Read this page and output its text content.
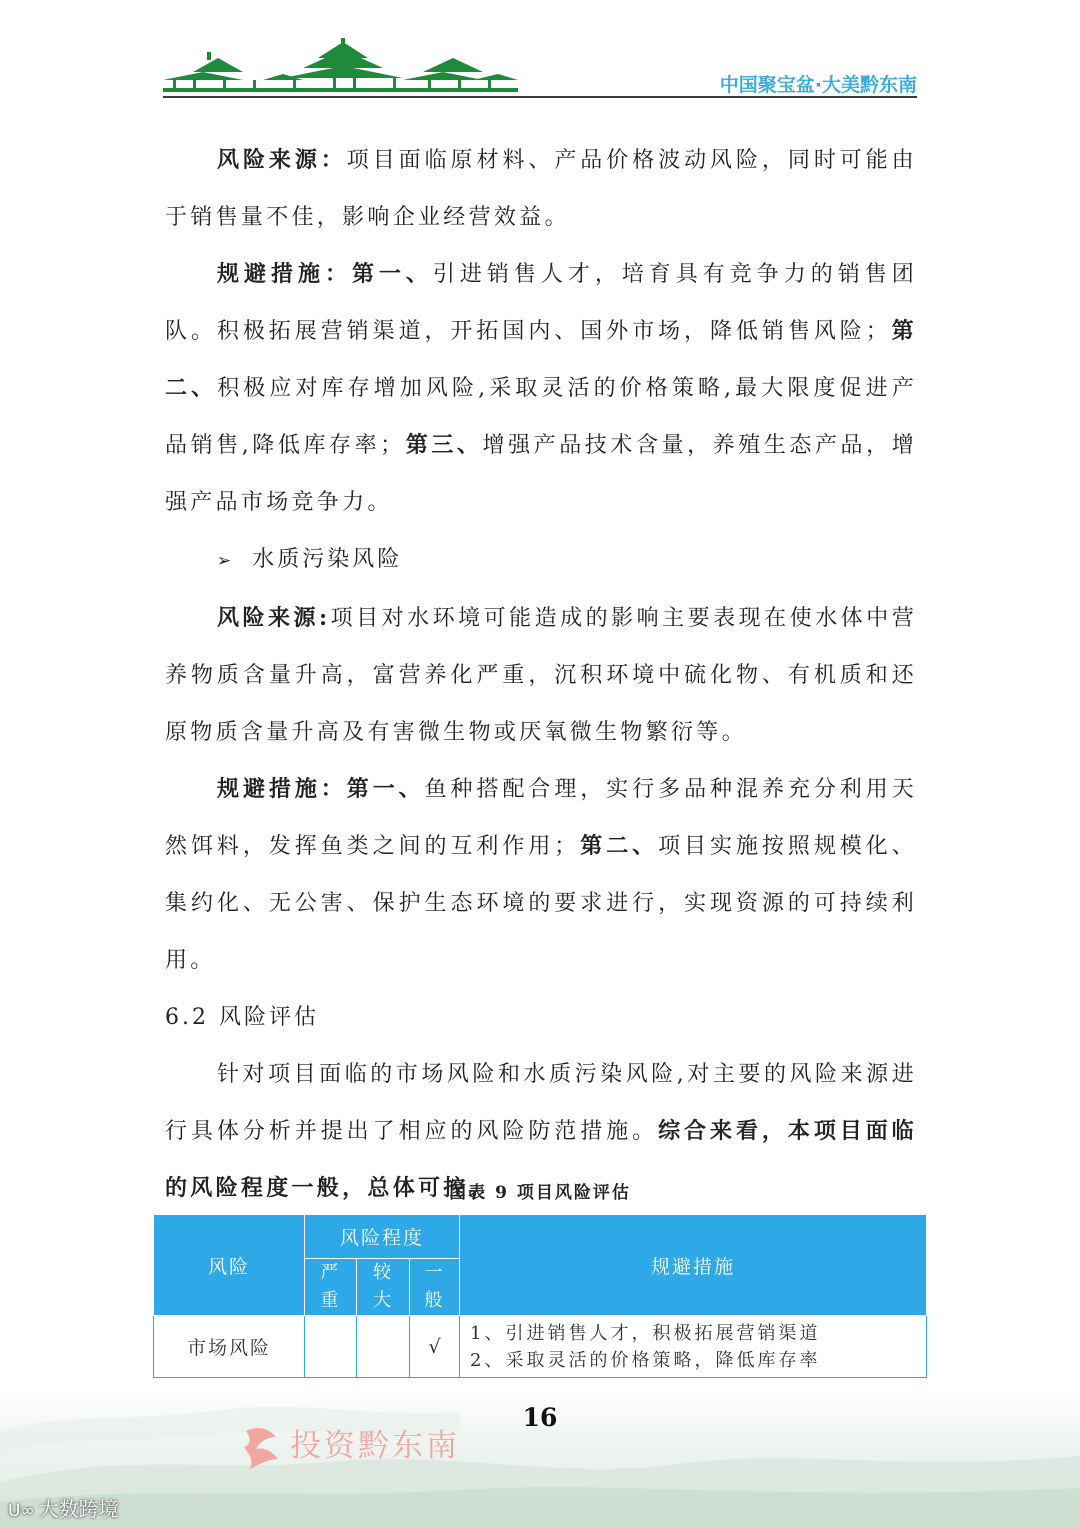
中国聚宝盆·大美黔东南

风险来源：项目面临原材料、产品价格波动风险，同时可能由于销售量不佳，影响企业经营效益。

规避措施：第一、引进销售人才，培育具有竞争力的销售团队。积极拓展营销渠道，开拓国内、国外市场，降低销售风险；第二、积极应对库存增加风险,采取灵活的价格策略,最大限度促进产品销售,降低库存率；第三、增强产品技术含量，养殖生态产品，增强产品市场竞争力。

➢ 水质污染风险

风险来源:项目对水环境可能造成的影响主要表现在使水体中营养物质含量升高，富营养化严重，沉积环境中硫化物、有机质和还原物质含量升高及有害微生物或厌氧微生物繁衍等。

规避措施：第一、鱼种搭配合理，实行多品种混养充分利用天然饵料，发挥鱼类之间的互利作用；第二、项目实施按照规模化、集约化、无公害、保护生态环境的要求进行，实现资源的可持续利用。

6.2 风险评估

针对项目面临的市场风险和水质污染风险,对主要的风险来源进行具体分析并提出了相应的风险防范措施。综合来看，本项目面临的风险程度一般，总体可控。

图表 9 项目风险评估
风险	风险程度			规避措施
	严重	较大	一般	
市场风险			√	1、引进销售人才，积极拓展营销渠道
2、采取灵活的价格策略，降低库存率
16
投资黔东南
ᑌ∞ 大数跨境
